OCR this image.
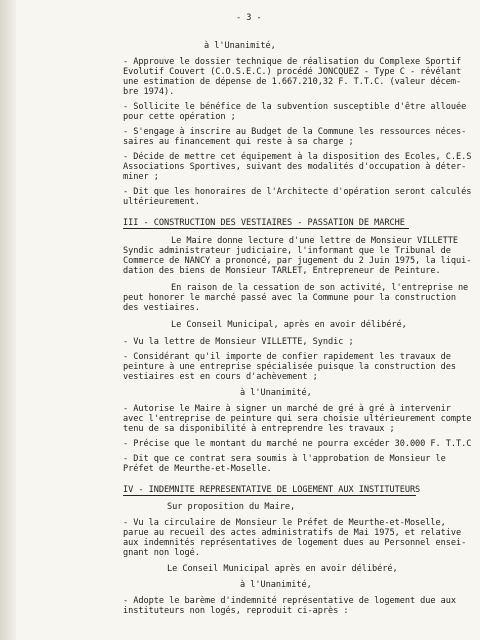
- 3 -
à l'Unanimité,
- Approuve le dossier technique de réalisation du Complexe Sportif
Evolutif Couvert (C.O.S.E.C.) procédé JONCQUEZ - Type C - révélant
une estimation de dépense de 1.667.210,32 F. T.T.C. (valeur décem-
bre 1974).
- Sollicite le bénéfice de la subvention susceptible d'être allouée
pour cette opération ;
- S'engage à inscrire au Budget de la Commune les ressources néces-
saires au financement qui reste à sa charge ;
- Décide de mettre cet équipement à la disposition des Ecoles, C.E.S
Associations Sportives, suivant des modalités d'occupation à déter-
miner ;
- Dit que les honoraires de l'Architecte d'opération seront calculés
ultérieurement.
III - CONSTRUCTION DES VESTIAIRES - PASSATION DE MARCHE
Le Maire donne lecture d'une lettre de Monsieur VILLETTE
Syndic administrateur judiciaire, l'informant que le Tribunal de
Commerce de NANCY a prononcé, par jugement du 2 Juin 1975, la liqui-
dation des biens de Monsieur TARLET, Entrepreneur de Peinture.
En raison de la cessation de son activité, l'entreprise ne
peut honorer le marché passé avec la Commune pour la construction
des vestiaires.
Le Conseil Municipal, après en avoir délibéré,
- Vu la lettre de Monsieur VILLETTE, Syndic ;
- Considérant qu'il importe de confier rapidement les travaux de
peinture à une entreprise spécialisée puisque la construction des
vestiaires est en cours d'achèvement ;
à l'Unanimité,
- Autorise le Maire à signer un marché de gré à gré à intervenir
avec l'entreprise de peinture qui sera choisie ultérieurement compte
tenu de sa disponibilité à entreprendre les travaux ;
- Précise que le montant du marché ne pourra excéder 30.000 F. T.T.C
- Dit que ce contrat sera soumis à l'approbation de Monsieur le
Préfet de Meurthe-et-Moselle.
IV - INDEMNITE REPRESENTATIVE DE LOGEMENT AUX INSTITUTEURS
Sur proposition du Maire,
- Vu la circulaire de Monsieur le Préfet de Meurthe-et-Moselle,
parue au recueil des actes administratifs de Mai 1975, et relative
aux indemnités représentatives de logement dues au Personnel ensei-
gnant non logé.
Le Conseil Municipal après en avoir délibéré,
à l'Unanimité,
- Adopte le barème d'indemnité représentative de logement due aux
instituteurs non logés, reproduit ci-après :
